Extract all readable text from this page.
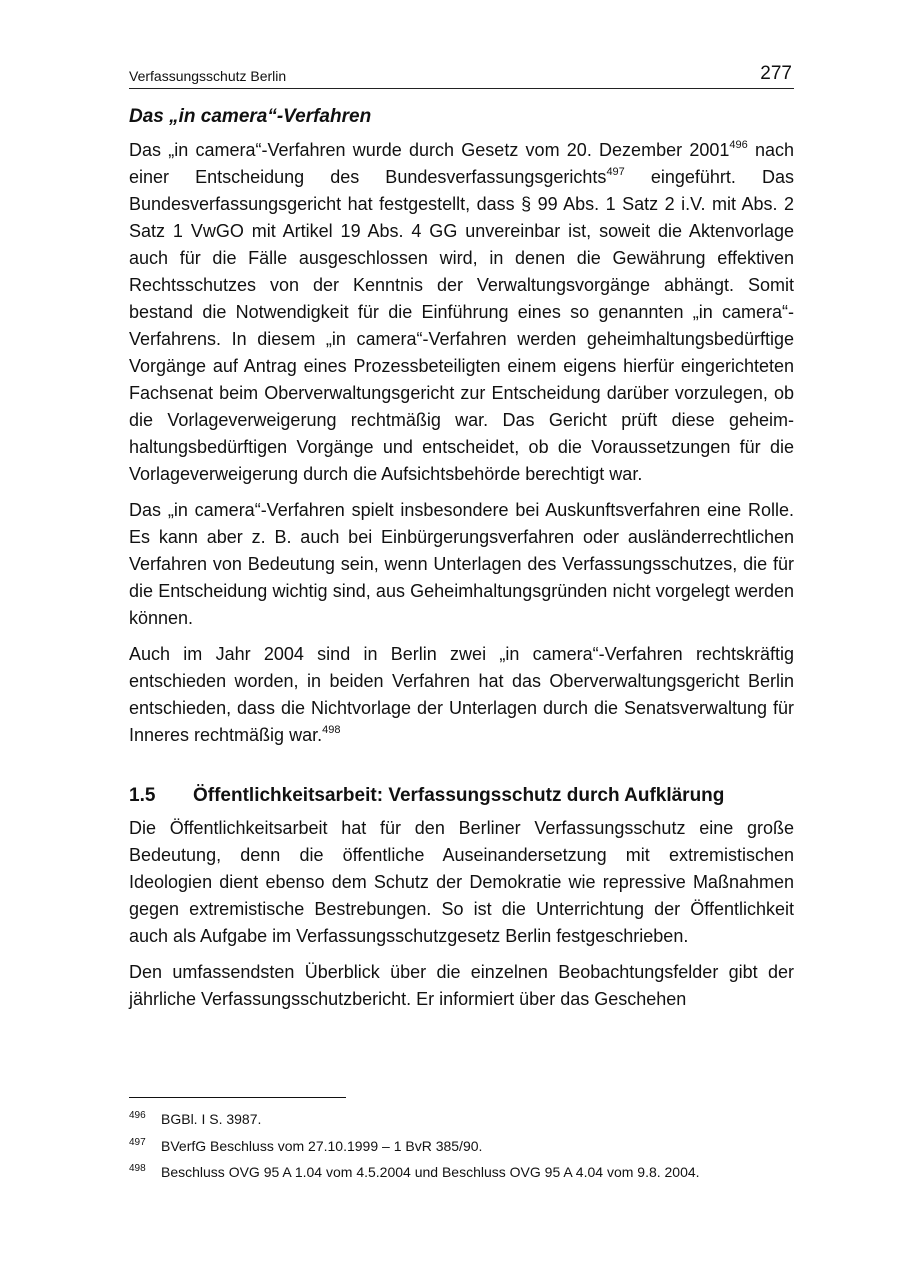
Verfassungsschutz Berlin	277
Das „in camera“-Verfahren

Das „in camera“-Verfahren wurde durch Gesetz vom 20. Dezember 2001$^{496}$ nach einer Entscheidung des Bundesverfassungsgerichts$^{497}$ eingeführt. Das Bundesverfassungsgericht hat festgestellt, dass § 99 Abs. 1 Satz 2 i.V. mit Abs. 2 Satz 1 VwGO mit Artikel 19 Abs. 4 GG unvereinbar ist, soweit die Aktenvorlage auch für die Fälle ausgeschlossen wird, in denen die Gewährung effektiven Rechtsschutzes von der Kenntnis der Verwaltungsvorgänge abhängt. Somit bestand die Notwendigkeit für die Einführung eines so genannten „in camera“-Verfahrens. In diesem „in camera“-Verfahren werden geheimhaltungsbedürftige Vorgänge auf Antrag eines Prozessbeteiligten einem eigens hierfür eingerichteten Fachsenat beim Oberverwaltungsgericht zur Entscheidung darüber vorzulegen, ob die Vorlageverweigerung rechtmäßig war. Das Gericht prüft diese geheimhaltungsbedürftigen Vorgänge und entscheidet, ob die Voraussetzungen für die Vorlageverweigerung durch die Aufsichtsbehörde berechtigt war.

Das „in camera“-Verfahren spielt insbesondere bei Auskunftsverfahren eine Rolle. Es kann aber z. B. auch bei Einbürgerungsverfahren oder ausländerrechtlichen Verfahren von Bedeutung sein, wenn Unterlagen des Verfassungsschutzes, die für die Entscheidung wichtig sind, aus Geheimhaltungsgründen nicht vorgelegt werden können.

Auch im Jahr 2004 sind in Berlin zwei „in camera“-Verfahren rechtskräftig entschieden worden, in beiden Verfahren hat das Oberverwaltungsgericht Berlin entschieden, dass die Nichtvorlage der Unterlagen durch die Senatsverwaltung für Inneres rechtmäßig war.$^{498}$

1.5	Öffentlichkeitsarbeit: Verfassungsschutz durch Aufklärung

Die Öffentlichkeitsarbeit hat für den Berliner Verfassungsschutz eine große Bedeutung, denn die öffentliche Auseinandersetzung mit extremistischen Ideologien dient ebenso dem Schutz der Demokratie wie repressive Maßnahmen gegen extremistische Bestrebungen. So ist die Unterrichtung der Öffentlichkeit auch als Aufgabe im Verfassungsschutzgesetz Berlin festgeschrieben.

Den umfassendsten Überblick über die einzelnen Beobachtungsfelder gibt der jährliche Verfassungsschutzbericht. Er informiert über das Geschehen

496	BGBl. I S. 3987.
497	BVerfG Beschluss vom 27.10.1999 – 1 BvR 385/90.
498	Beschluss OVG 95 A 1.04 vom 4.5.2004 und Beschluss OVG 95 A 4.04 vom 9.8. 2004.
